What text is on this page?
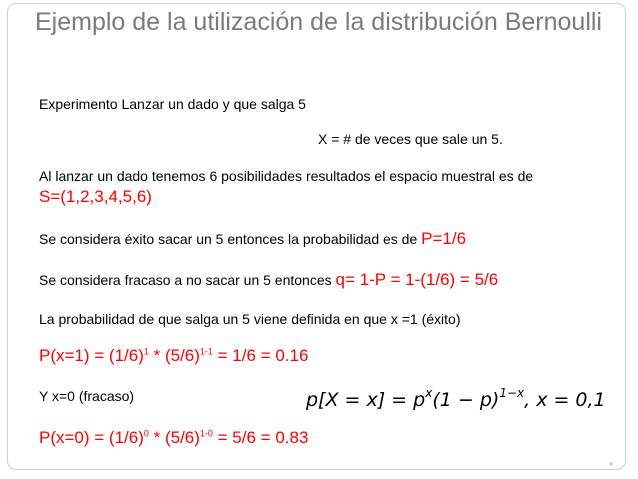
Ejemplo de la utilización de la distribución Bernoulli
Experimento Lanzar un dado y que salga 5
X = # de veces que sale un 5.
Al lanzar un dado tenemos 6 posibilidades resultados el espacio muestral es de
S=(1,2,3,4,5,6)
Se considera éxito sacar un 5 entonces la probabilidad es de P=1/6
Se considera fracaso a no sacar un 5 entonces q= 1-P = 1-(1/6) = 5/6
La probabilidad de que salga un 5 viene definida en que x =1 (éxito)
$P(x=1) = (1/6)^1 * (5/6)^{1-1} = 1/6 = 0.16$
Y x=0 (fracaso)	$p[X = x] = p^x(1 - p)^{1-x}$, x = 0,1
$P(x=0) = (1/6)^0 * (5/6)^{1-0} = 5/6 = 0.83$
